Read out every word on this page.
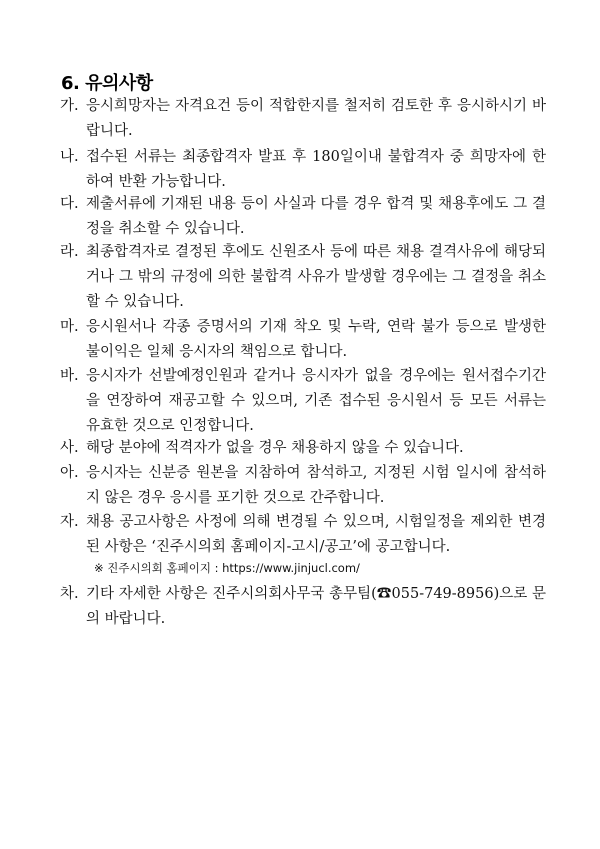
6. 유의사항
가. 응시희망자는 자격요건 등이 적합한지를 철저히 검토한 후 응시하시기 바랍니다.
나. 접수된 서류는 최종합격자 발표 후 180일이내 불합격자 중 희망자에 한하여 반환 가능합니다.
다. 제출서류에 기재된 내용 등이 사실과 다를 경우 합격 및 채용후에도 그 결정을 취소할 수 있습니다.
라. 최종합격자로 결정된 후에도 신원조사 등에 따른 채용 결격사유에 해당되거나 그 밖의 규정에 의한 불합격 사유가 발생할 경우에는 그 결정을 취소할 수 있습니다.
마. 응시원서나 각종 증명서의 기재 착오 및 누락, 연락 불가 등으로 발생한 불이익은 일체 응시자의 책임으로 합니다.
바. 응시자가 선발예정인원과 같거나 응시자가 없을 경우에는 원서접수기간을 연장하여 재공고할 수 있으며, 기존 접수된 응시원서 등 모든 서류는 유효한 것으로 인정합니다.
사. 해당 분야에 적격자가 없을 경우 채용하지 않을 수 있습니다.
아. 응시자는 신분증 원본을 지참하여 참석하고, 지정된 시험 일시에 참석하지 않은 경우 응시를 포기한 것으로 간주합니다.
자. 채용 공고사항은 사정에 의해 변경될 수 있으며, 시험일정을 제외한 변경된 사항은 ‘진주시의회 홈페이지-고시/공고’에 공고합니다.
※ 진주시의회 홈페이지 : https://www.jinjucl.com/
차. 기타 자세한 사항은 진주시의회사무국 총무팀(☎055-749-8956)으로 문의 바랍니다.
